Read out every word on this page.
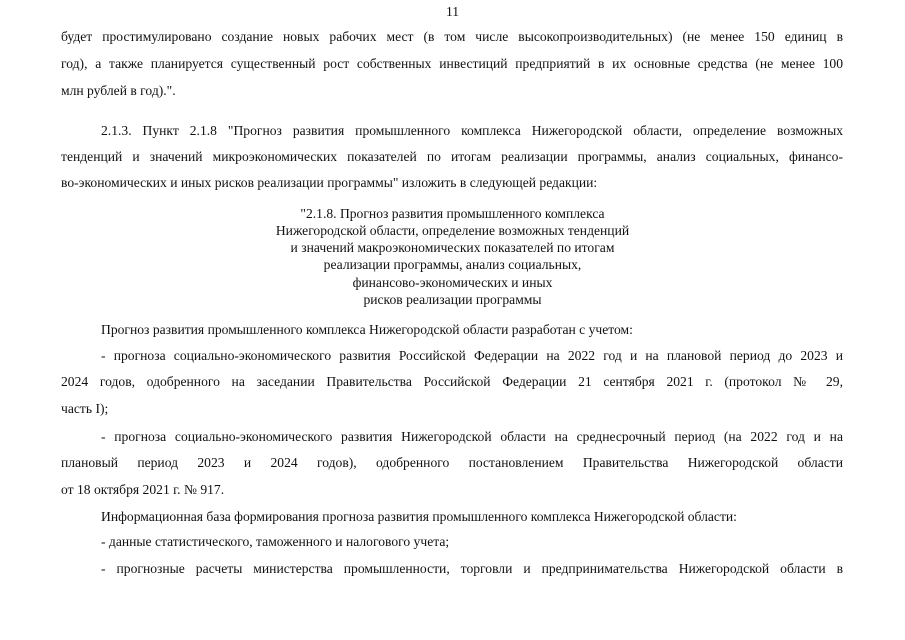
11
будет простимулировано создание новых рабочих мест (в том числе высокопроизводительных) (не менее 150 единиц в
год), а также планируется существенный рост собственных инвестиций предприятий в их основные средства (не менее 100
млн рублей в год).".
2.1.3. Пункт 2.1.8 "Прогноз развития промышленного комплекса Нижегородской области, определение возможных
тенденций и значений микроэкономических показателей по итогам реализации программы, анализ социальных, финансо-
во-экономических и иных рисков реализации программы" изложить в следующей редакции:
"2.1.8. Прогноз развития промышленного комплекса
Нижегородской области, определение возможных тенденций
и значений макроэкономических показателей по итогам
реализации программы, анализ социальных,
финансово-экономических и иных
рисков реализации программы
Прогноз развития промышленного комплекса Нижегородской области разработан с учетом:
- прогноза социально-экономического развития Российской Федерации на 2022 год и на плановой период до 2023 и
2024 годов, одобренного на заседании Правительства Российской Федерации 21 сентября 2021 г. (протокол № 29,
часть I);
- прогноза социально-экономического развития Нижегородской области на среднесрочный период (на 2022 год и на
плановый период 2023 и 2024 годов), одобренного постановлением Правительства Нижегородской области
от 18 октября 2021 г. № 917.
Информационная база формирования прогноза развития промышленного комплекса Нижегородской области:
- данные статистического, таможенного и налогового учета;
- прогнозные расчеты министерства промышленности, торговли и предпринимательства Нижегородской области в
